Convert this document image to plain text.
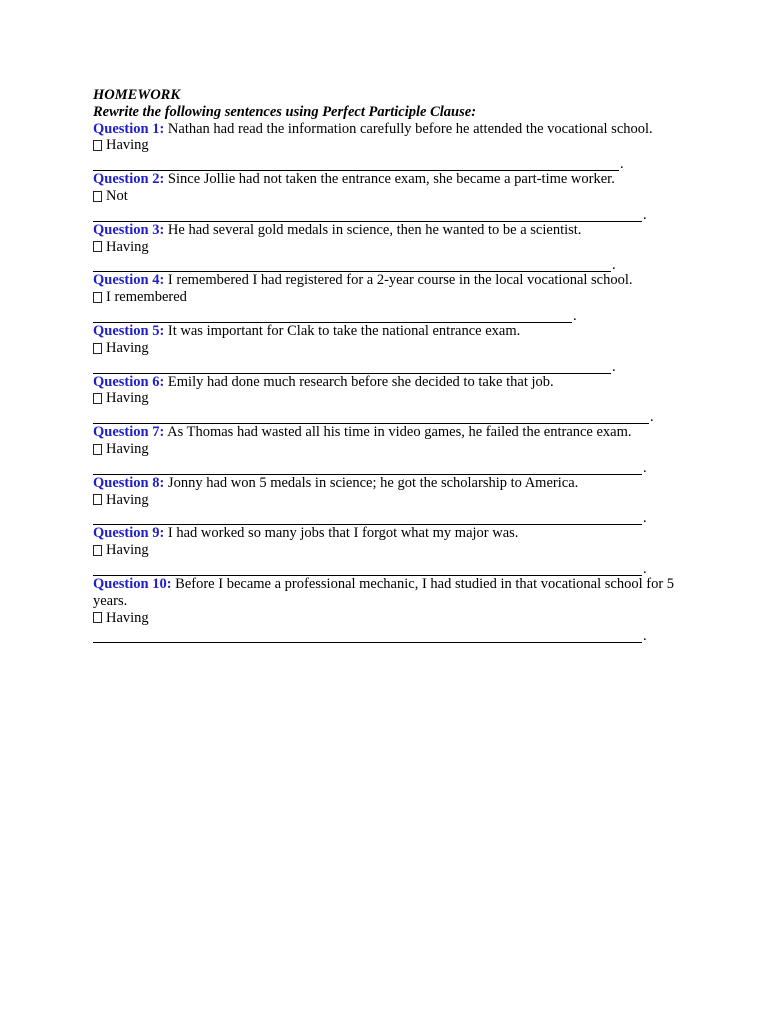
HOMEWORK
Rewrite the following sentences using Perfect Participle Clause:
Question 1: Nathan had read the information carefully before he attended the vocational school.
Having
.
Question 2: Since Jollie had not taken the entrance exam, she became a part-time worker.
Not
.
Question 3: He had several gold medals in science, then he wanted to be a scientist.
Having
.
Question 4: I remembered I had registered for a 2-year course in the local vocational school.
I remembered
.
Question 5: It was important for Clak to take the national entrance exam.
Having
.
Question 6: Emily had done much research before she decided to take that job.
Having
.
Question 7: As Thomas had wasted all his time in video games, he failed the entrance exam.
Having
.
Question 8: Jonny had won 5 medals in science; he got the scholarship to America.
Having
.
Question 9: I had worked so many jobs that I forgot what my major was.
Having
.
Question 10: Before I became a professional mechanic, I had studied in that vocational school for 5 years.
Having
.
